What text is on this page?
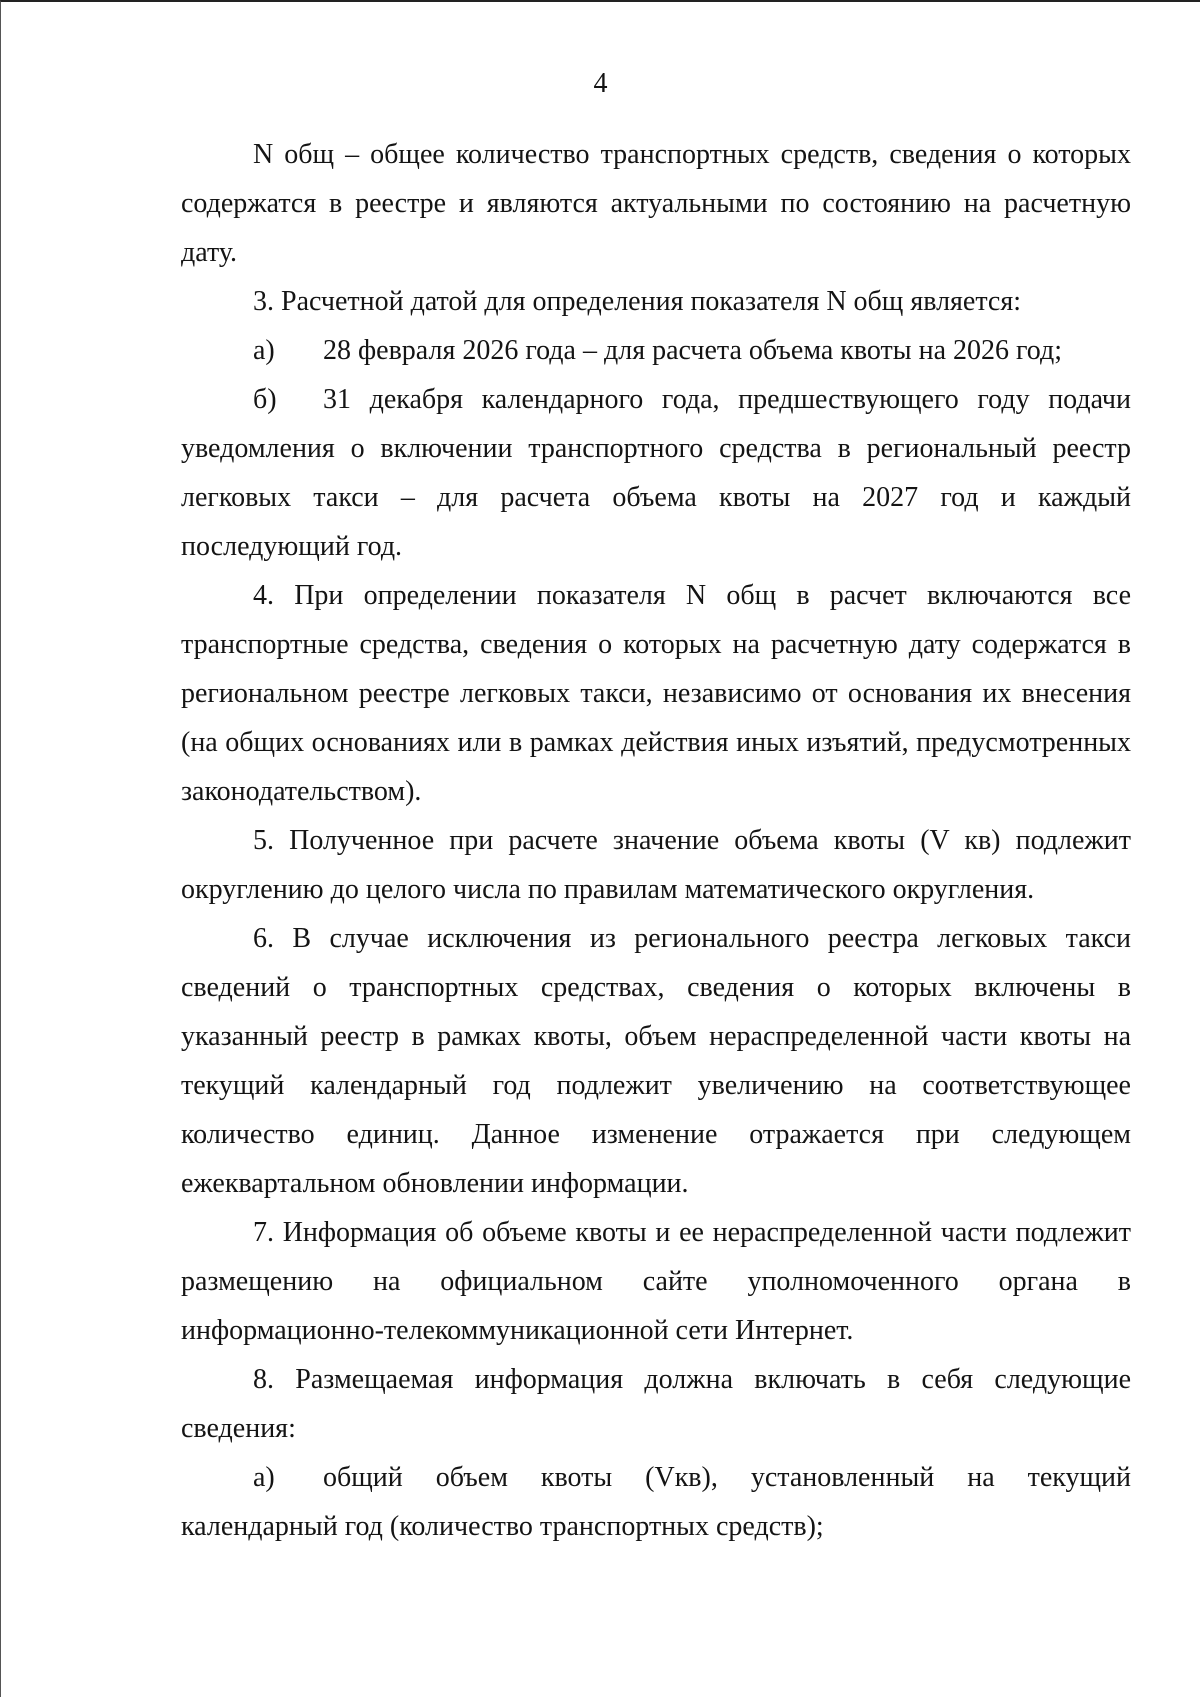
4

N общ – общее количество транспортных средств, сведения о которых содержатся в реестре и являются актуальными по состоянию на расчетную дату.

3. Расчетной датой для определения показателя N общ является:

а) 28 февраля 2026 года – для расчета объема квоты на 2026 год;

б) 31 декабря календарного года, предшествующего году подачи уведомления о включении транспортного средства в региональный реестр легковых такси – для расчета объема квоты на 2027 год и каждый последующий год.

4. При определении показателя N общ в расчет включаются все транспортные средства, сведения о которых на расчетную дату содержатся в региональном реестре легковых такси, независимо от основания их внесения (на общих основаниях или в рамках действия иных изъятий, предусмотренных законодательством).

5. Полученное при расчете значение объема квоты (V кв) подлежит округлению до целого числа по правилам математического округления.

6. В случае исключения из регионального реестра легковых такси сведений о транспортных средствах, сведения о которых включены в указанный реестр в рамках квоты, объем нераспределенной части квоты на текущий календарный год подлежит увеличению на соответствующее количество единиц. Данное изменение отражается при следующем ежеквартальном обновлении информации.

7. Информация об объеме квоты и ее нераспределенной части подлежит размещению на официальном сайте уполномоченного органа в информационно-телекоммуникационной сети Интернет.

8. Размещаемая информация должна включать в себя следующие сведения:

а) общий объем квоты (Vкв), установленный на текущий календарный год (количество транспортных средств);
